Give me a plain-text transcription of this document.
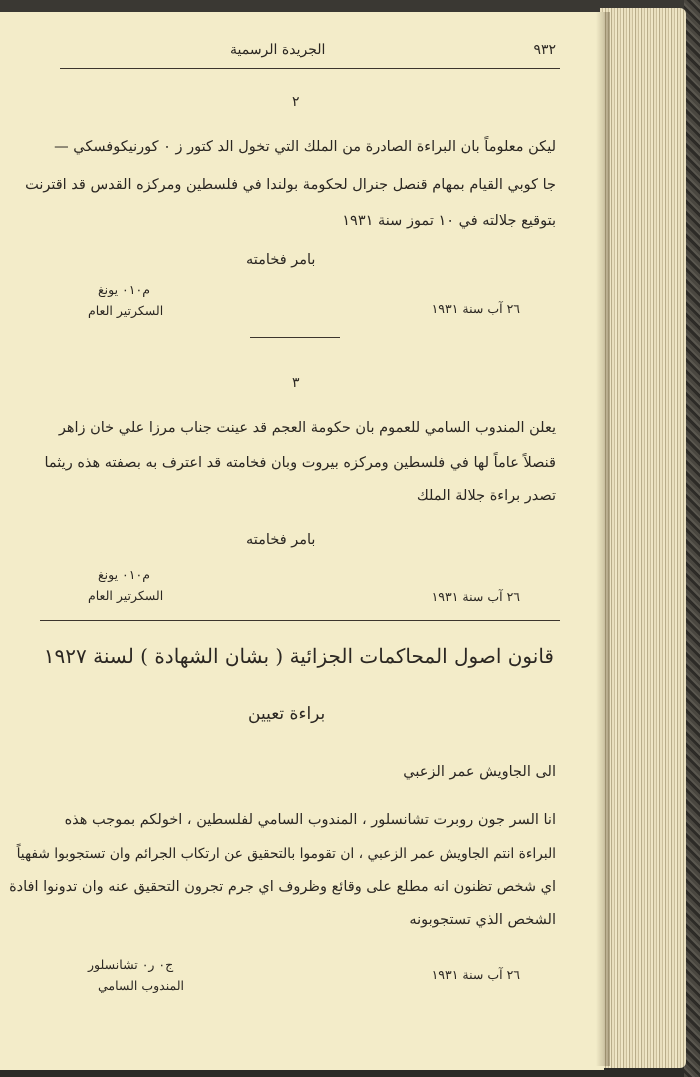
٩٣٢

الجريدة الرسمية

٢

ليكن معلوماً بان البراءة الصادرة من الملك التي تخول الد كتور ز ٠ كورنيكوفسكي —

جا كوبي القيام بمهام قنصل جنرال لحكومة بولندا في فلسطين ومركزه القدس قد اقترنت

بتوقيع جلالته في ١٠ تموز سنة ١٩٣١

بامر فخامته

م٠١٠ يونغ

السكرتير العام	٢٦ آب سنة ١٩٣١

٣

يعلن المندوب السامي للعموم بان حكومة العجم قد عينت جناب مرزا علي خان زاهر

قنصلاً عاماً لها في فلسطين ومركزه بيروت وبان فخامته قد اعترف به بصفته هذه ريثما

تصدر براءة جلالة الملك

بامر فخامته

م٠١٠ يونغ

السكرتير العام	٢٦ آب سنة ١٩٣١

قانون اصول المحاكمات الجزائية ( بشان الشهادة ) لسنة ١٩٢٧

براءة تعيين

الى الجاويش عمر الزعبي

انا السر جون روبرت تشانسلور ، المندوب السامي لفلسطين ، اخولكم بموجب هذه

البراءة انتم الجاويش عمر الزعبي ، ان تقوموا بالتحقيق عن ارتكاب الجرائم وان تستجوبوا شفهياً

اي شخص تظنون انه مطلع على وقائع وظروف اي جرم تجرون التحقيق عنه وان تدونوا افادة

الشخص الذي تستجوبونه

ج٠ ر٠ تشانسلور

المندوب السامي

٢٦ آب سنة ١٩٣١
